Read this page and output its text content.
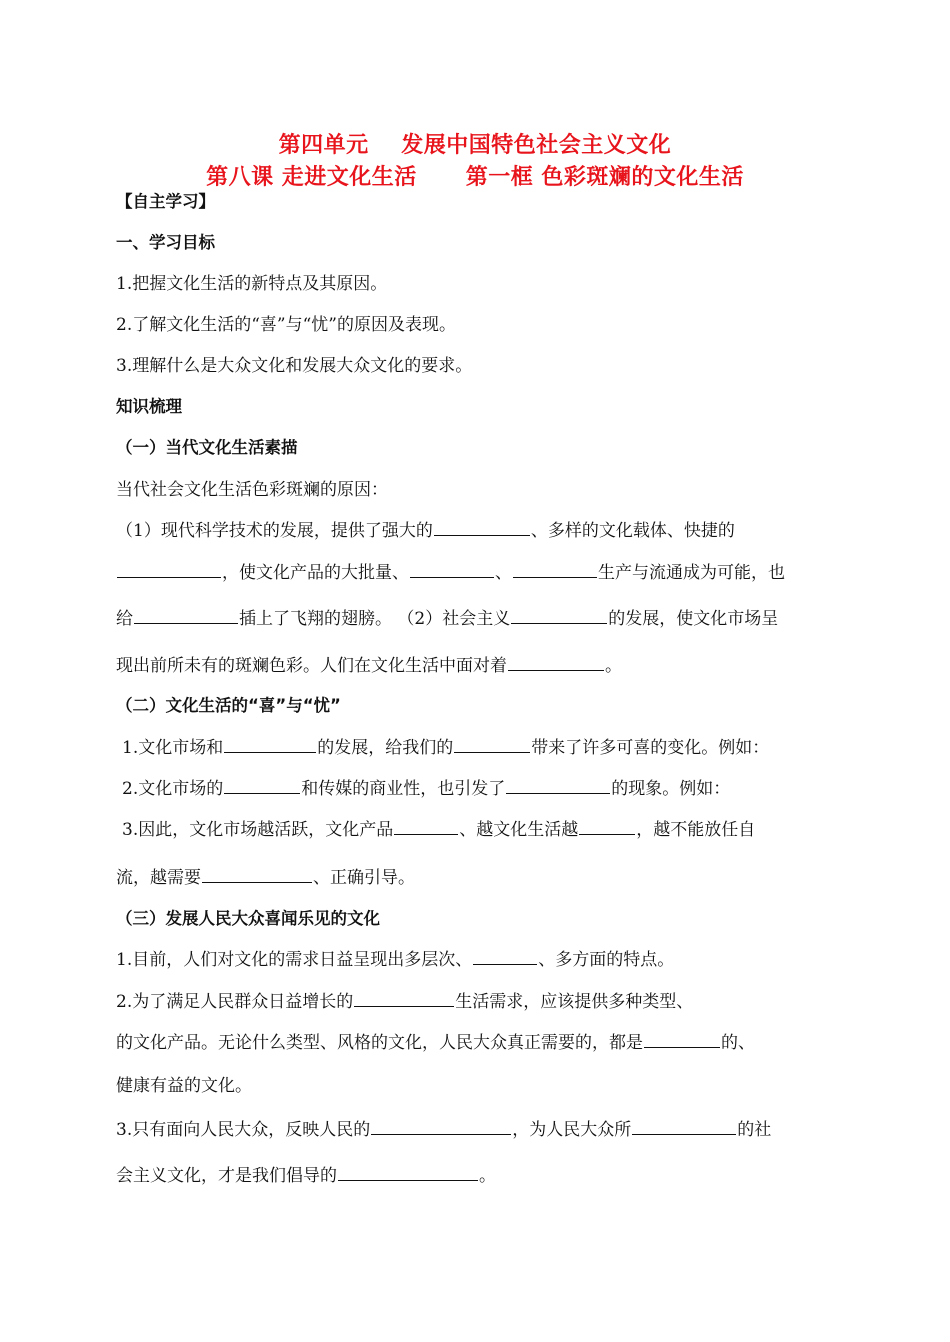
第四单元    发展中国特色社会主义文化
第八课 走进文化生活      第一框 色彩斑斓的文化生活
【自主学习】
一、学习目标
1.把握文化生活的新特点及其原因。
2.了解文化生活的“喜”与“忧”的原因及表现。
3.理解什么是大众文化和发展大众文化的要求。
知识梳理
（一）当代文化生活素描
当代社会文化生活色彩斑斓的原因：
（1）现代科学技术的发展，提供了强大的	、多样的文化载体、快捷的
，使文化产品的大批量、	、	生产与流通成为可能，也
给	插上了飞翔的翅膀。 （2）社会主义	的发展，使文化市场呈
现出前所未有的斑斓色彩。人们在文化生活中面对着	。
（二）文化生活的“喜”与“忧”
1.文化市场和	的发展，给我们的	带来了许多可喜的变化。例如：
2.文化市场的	和传媒的商业性，也引发了	的现象。例如：
3.因此，文化市场越活跃，文化产品	、越文化生活越	，越不能放任自
流，越需要	、正确引导。
（三）发展人民大众喜闻乐见的文化
1.目前，人们对文化的需求日益呈现出多层次、	、多方面的特点。
2.为了满足人民群众日益增长的	生活需求，应该提供多种类型、
的文化产品。无论什么类型、风格的文化，人民大众真正需要的，都是	的、
健康有益的文化。
3.只有面向人民大众，反映人民的	，为人民大众所	的社
会主义文化，才是我们倡导的	。
